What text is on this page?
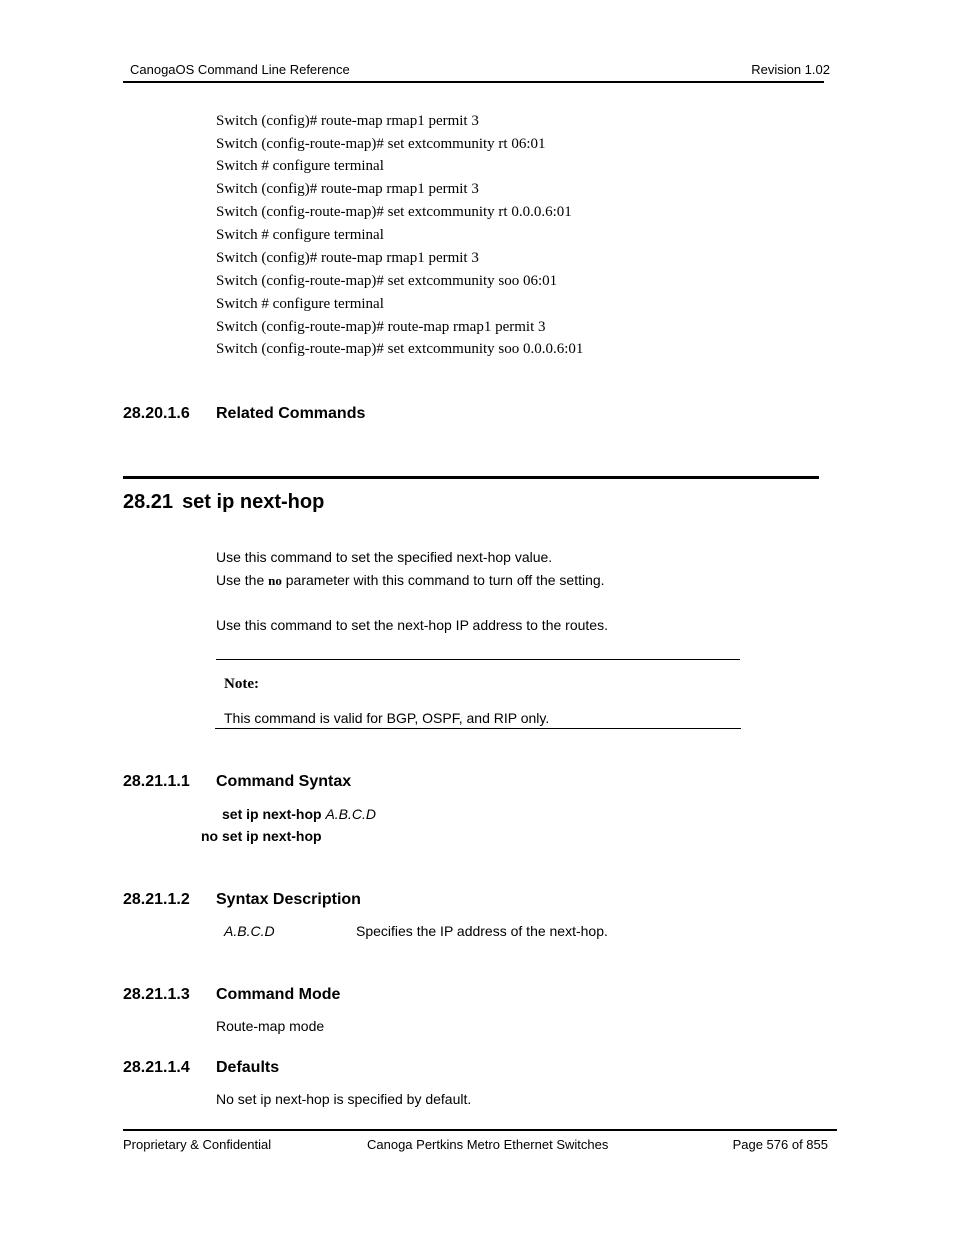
CanogaOS Command Line Reference	Revision 1.02
Switch (config)# route-map rmap1 permit 3
Switch (config-route-map)# set extcommunity rt 06:01
Switch # configure terminal
Switch (config)# route-map rmap1 permit 3
Switch (config-route-map)# set extcommunity rt 0.0.0.6:01
Switch # configure terminal
Switch (config)# route-map rmap1 permit 3
Switch (config-route-map)# set extcommunity soo 06:01
Switch # configure terminal
Switch (config-route-map)# route-map rmap1 permit 3
Switch (config-route-map)# set extcommunity soo 0.0.0.6:01
28.20.1.6 Related Commands
28.21 set ip next-hop
Use this command to set the specified next-hop value.
Use the no parameter with this command to turn off the setting.
Use this command to set the next-hop IP address to the routes.
Note:
This command is valid for BGP, OSPF, and RIP only.
28.21.1.1 Command Syntax
set ip next-hop A.B.C.D
no set ip next-hop
28.21.1.2 Syntax Description
A.B.C.D	Specifies the IP address of the next-hop.
28.21.1.3 Command Mode
Route-map mode
28.21.1.4 Defaults
No set ip next-hop is specified by default.
Proprietary & Confidential	Canoga Pertkins Metro Ethernet Switches	Page 576 of 855
